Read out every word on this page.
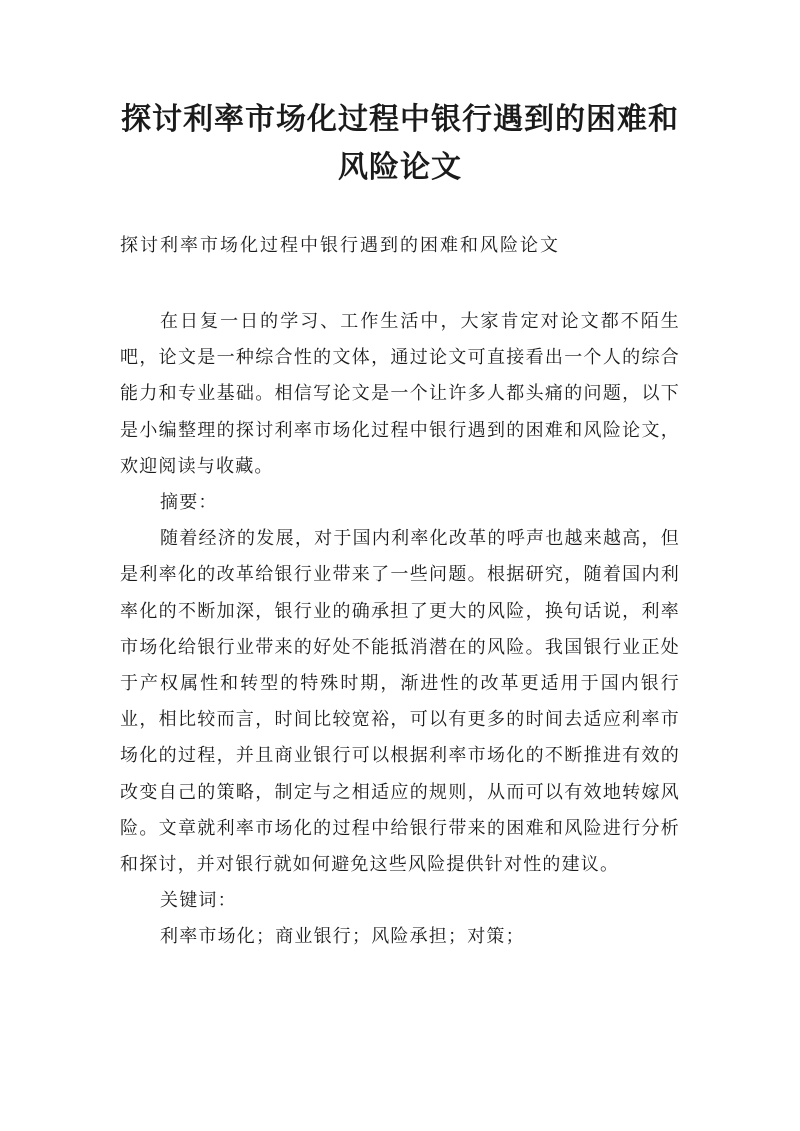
探讨利率市场化过程中银行遇到的困难和风险论文

探讨利率市场化过程中银行遇到的困难和风险论文

在日复一日的学习、工作生活中，大家肯定对论文都不陌生吧，论文是一种综合性的文体，通过论文可直接看出一个人的综合能力和专业基础。相信写论文是一个让许多人都头痛的问题，以下是小编整理的探讨利率市场化过程中银行遇到的困难和风险论文，欢迎阅读与收藏。

摘要：

随着经济的发展，对于国内利率化改革的呼声也越来越高，但是利率化的改革给银行业带来了一些问题。根据研究，随着国内利率化的不断加深，银行业的确承担了更大的风险，换句话说，利率市场化给银行业带来的好处不能抵消潜在的风险。我国银行业正处于产权属性和转型的特殊时期，渐进性的改革更适用于国内银行业，相比较而言，时间比较宽裕，可以有更多的时间去适应利率市场化的过程，并且商业银行可以根据利率市场化的不断推进有效的改变自己的策略，制定与之相适应的规则，从而可以有效地转嫁风险。文章就利率市场化的过程中给银行带来的困难和风险进行分析和探讨，并对银行就如何避免这些风险提供针对性的建议。

关键词：

利率市场化；商业银行；风险承担；对策；
